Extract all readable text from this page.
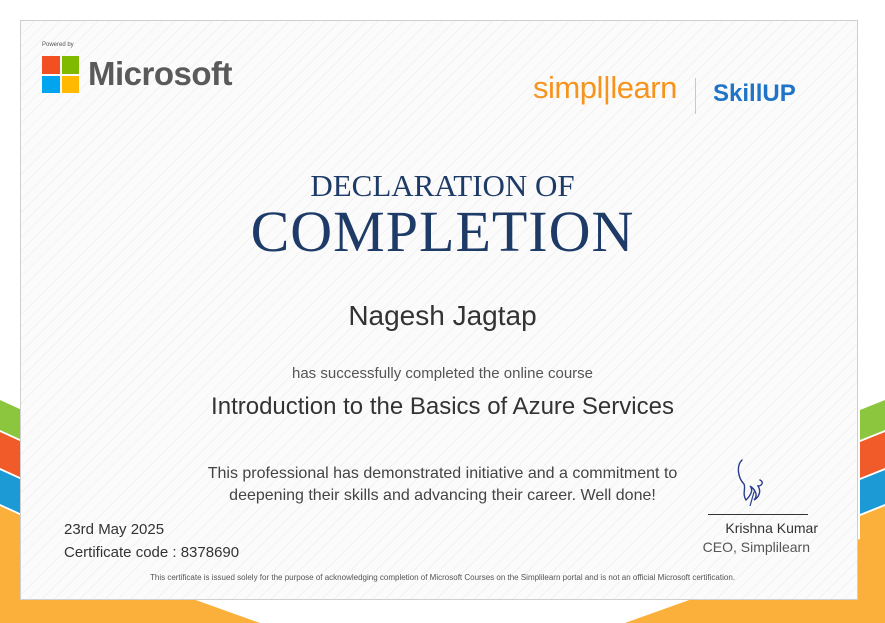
Powered by
Microsoft	simpl|learn SkillUP
DECLARATION OF
COMPLETION
Nagesh Jagtap
has successfully completed the online course
Introduction to the Basics of Azure Services
This professional has demonstrated initiative and a commitment to
deepening their skills and advancing their career. Well done!
23rd May 2025
Certificate code : 8378690
Krishna Kumar
CEO, Simplilearn
This certificate is issued solely for the purpose of acknowledging completion of Microsoft Courses on the Simplilearn portal and is not an official Microsoft certification.
